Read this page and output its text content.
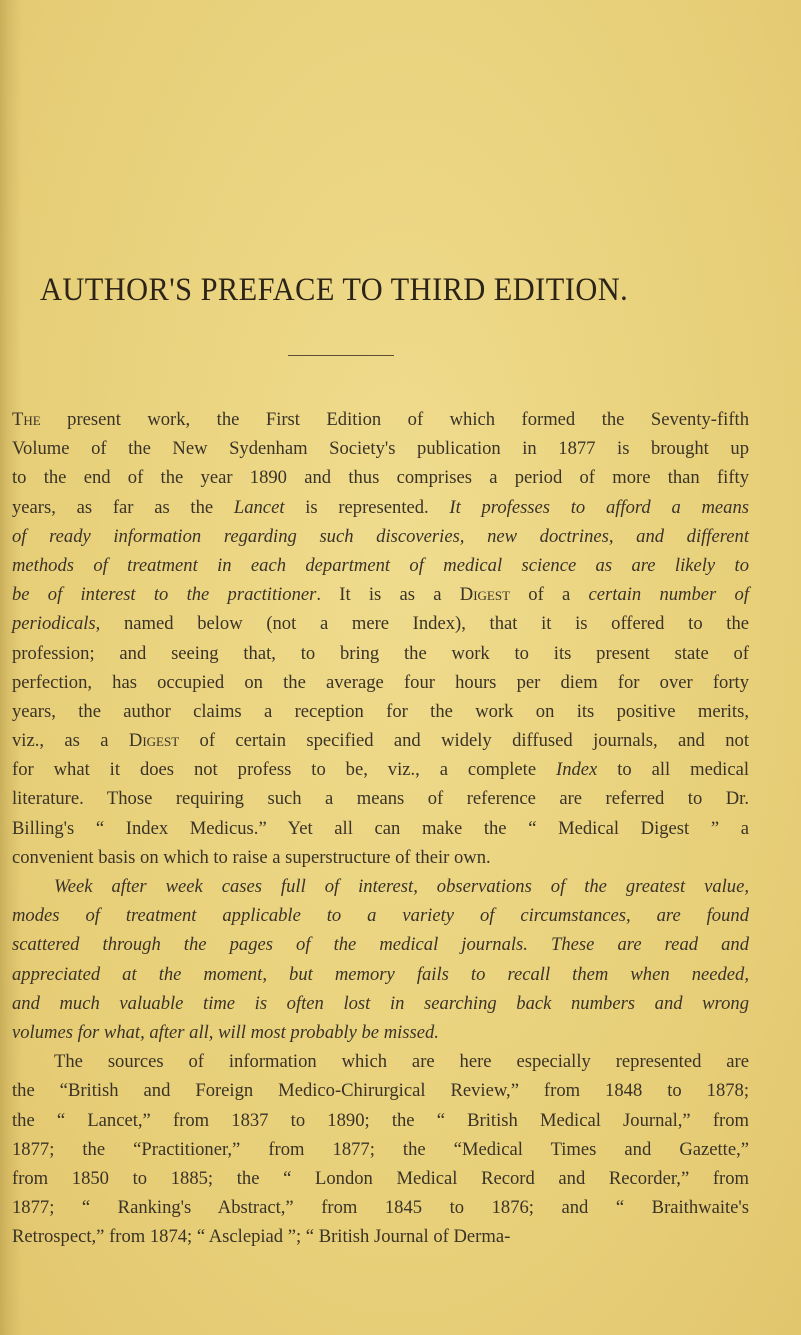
AUTHOR'S PREFACE TO THIRD EDITION.
The present work, the First Edition of which formed the Seventy-fifth
Volume of the New Sydenham Society's publication in 1877 is brought up
to the end of the year 1890 and thus comprises a period of more than fifty
years, as far as the Lancet is represented. It professes to afford a means
of ready information regarding such discoveries, new doctrines, and different
methods of treatment in each department of medical science as are likely to
be of interest to the practitioner. It is as a Digest of a certain number of
periodicals, named below (not a mere Index), that it is offered to the
profession; and seeing that, to bring the work to its present state of
perfection, has occupied on the average four hours per diem for over forty
years, the author claims a reception for the work on its positive merits,
viz., as a Digest of certain specified and widely diffused journals, and not
for what it does not profess to be, viz., a complete Index to all medical
literature. Those requiring such a means of reference are referred to Dr.
Billing's “ Index Medicus.” Yet all can make the “ Medical Digest ” a
convenient basis on which to raise a superstructure of their own.
Week after week cases full of interest, observations of the greatest value,
modes of treatment applicable to a variety of circumstances, are found
scattered through the pages of the medical journals. These are read and
appreciated at the moment, but memory fails to recall them when needed,
and much valuable time is often lost in searching back numbers and wrong
volumes for what, after all, will most probably be missed.
The sources of information which are here especially represented are
the “British and Foreign Medico-Chirurgical Review,” from 1848 to 1878;
the “ Lancet,” from 1837 to 1890; the “ British Medical Journal,” from
1877; the “Practitioner,” from 1877; the “Medical Times and Gazette,”
from 1850 to 1885; the “ London Medical Record and Recorder,” from
1877; “ Ranking's Abstract,” from 1845 to 1876; and “ Braithwaite's
Retrospect,” from 1874; “ Asclepiad ”; “ British Journal of Derma-
